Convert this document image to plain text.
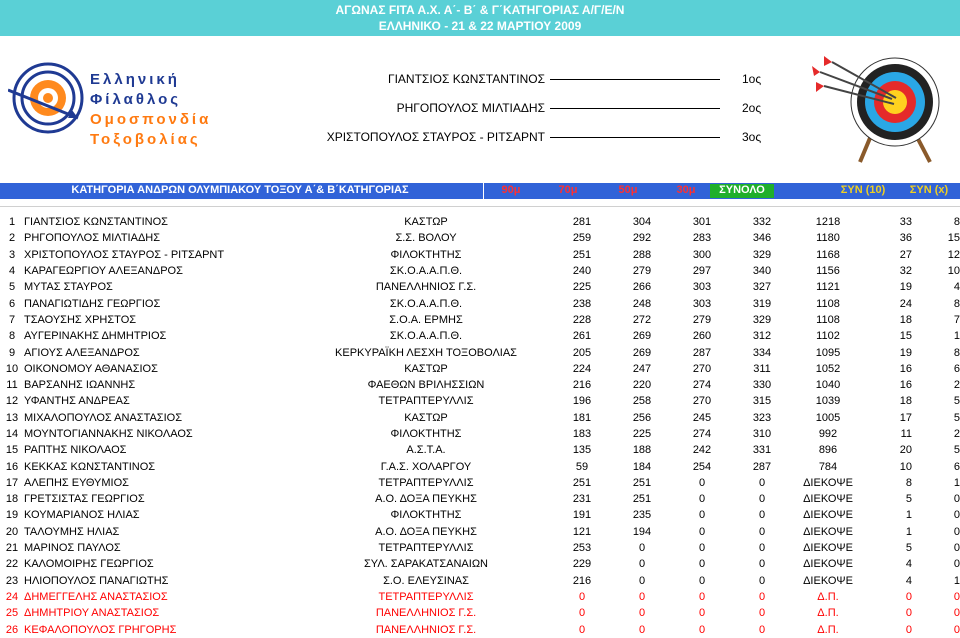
ΑΓΩΝΑΣ FITA Α.Χ. Α΄- Β΄ & Γ΄ΚΑΤΗΓΟΡΙΑΣ Α/Γ/Ε/Ν
ΕΛΛΗΝΙΚΟ - 21 & 22 ΜΑΡΤΙΟΥ 2009
Ελληνική
Φίλαθλος
Ομοσπονδία
Τοξοβολίας
ΓΙΑΝΤΣΙΟΣ ΚΩΝΣΤΑΝΤΙΝΟΣ	1ος
ΡΗΓΟΠΟΥΛΟΣ ΜΙΛΤΙΑΔΗΣ	2ος
ΧΡΙΣΤΟΠΟΥΛΟΣ ΣΤΑΥΡΟΣ - ΡΙΤΣΑΡΝΤ	3ος
ΚΑΤΗΓΟΡΙΑ ΑΝΔΡΩΝ ΟΛΥΜΠΙΑΚΟΥ ΤΟΞΟΥ Α΄& Β΄ΚΑΤΗΓΟΡΙΑΣ	90μ	70μ	50μ	30μ	ΣΥΝΟΛΟ	ΣΥΝ (10)	ΣΥΝ (x)
1	ΓΙΑΝΤΣΙΟΣ ΚΩΝΣΤΑΝΤΙΝΟΣ	ΚΑΣΤΩΡ	281	304	301	332	1218	33	8
2	ΡΗΓΟΠΟΥΛΟΣ ΜΙΛΤΙΑΔΗΣ	Σ.Σ. ΒΟΛΟΥ	259	292	283	346	1180	36	15
3	ΧΡΙΣΤΟΠΟΥΛΟΣ ΣΤΑΥΡΟΣ - ΡΙΤΣΑΡΝΤ	ΦΙΛΟΚΤΗΤΗΣ	251	288	300	329	1168	27	12
4	ΚΑΡΑΓΕΩΡΓΙΟΥ ΑΛΕΞΑΝΔΡΟΣ	ΣΚ.Ο.Α.Α.Π.Θ.	240	279	297	340	1156	32	10
5	ΜΥΤΑΣ ΣΤΑΥΡΟΣ	ΠΑΝΕΛΛΗΝΙΟΣ Γ.Σ.	225	266	303	327	1121	19	4
6	ΠΑΝΑΓΙΩΤΙΔΗΣ ΓΕΩΡΓΙΟΣ	ΣΚ.Ο.Α.Α.Π.Θ.	238	248	303	319	1108	24	8
7	ΤΣΑΟΥΣΗΣ ΧΡΗΣΤΟΣ	Σ.Ο.Α. ΕΡΜΗΣ	228	272	279	329	1108	18	7
8	ΑΥΓΕΡΙΝΑΚΗΣ ΔΗΜΗΤΡΙΟΣ	ΣΚ.Ο.Α.Α.Π.Θ.	261	269	260	312	1102	15	1
9	ΑΓΙΟΥΣ ΑΛΕΞΑΝΔΡΟΣ	ΚΕΡΚΥΡΑΪΚΗ ΛΕΣΧΗ ΤΟΞΟΒΟΛΙΑΣ	205	269	287	334	1095	19	8
10	ΟΙΚΟΝΟΜΟΥ ΑΘΑΝΑΣΙΟΣ	ΚΑΣΤΩΡ	224	247	270	311	1052	16	6
11	ΒΑΡΣΑΝΗΣ ΙΩΑΝΝΗΣ	ΦΑΕΘΩΝ ΒΡΙΛΗΣΣΙΩΝ	216	220	274	330	1040	16	2
12	ΥΦΑΝΤΗΣ ΑΝΔΡΕΑΣ	ΤΕΤΡΑΠΤΕΡΥΛΛΙΣ	196	258	270	315	1039	18	5
13	ΜΙΧΑΛΟΠΟΥΛΟΣ ΑΝΑΣΤΑΣΙΟΣ	ΚΑΣΤΩΡ	181	256	245	323	1005	17	5
14	ΜΟΥΝΤΟΓΙΑΝΝΑΚΗΣ ΝΙΚΟΛΑΟΣ	ΦΙΛΟΚΤΗΤΗΣ	183	225	274	310	992	11	2
15	ΡΑΠΤΗΣ ΝΙΚΟΛΑΟΣ	Α.Σ.Τ.Α.	135	188	242	331	896	20	5
16	ΚΕΚΚΑΣ ΚΩΝΣΤΑΝΤΙΝΟΣ	Γ.Α.Σ. ΧΟΛΑΡΓΟΥ	59	184	254	287	784	10	6
17	ΑΛΕΠΗΣ ΕΥΘΥΜΙΟΣ	ΤΕΤΡΑΠΤΕΡΥΛΛΙΣ	251	251	0	0	ΔΙΕΚΟΨΕ	8	1
18	ΓΡΕΤΣΙΣΤΑΣ ΓΕΩΡΓΙΟΣ	Α.Ο. ΔΟΞΑ ΠΕΥΚΗΣ	231	251	0	0	ΔΙΕΚΟΨΕ	5	0
19	ΚΟΥΜΑΡΙΑΝΟΣ ΗΛΙΑΣ	ΦΙΛΟΚΤΗΤΗΣ	191	235	0	0	ΔΙΕΚΟΨΕ	1	0
20	ΤΑΛΟΥΜΗΣ ΗΛΙΑΣ	Α.Ο. ΔΟΞΑ ΠΕΥΚΗΣ	121	194	0	0	ΔΙΕΚΟΨΕ	1	0
21	ΜΑΡΙΝΟΣ ΠΑΥΛΟΣ	ΤΕΤΡΑΠΤΕΡΥΛΛΙΣ	253	0	0	0	ΔΙΕΚΟΨΕ	5	0
22	ΚΑΛΟΜΟΙΡΗΣ ΓΕΩΡΓΙΟΣ	ΣΥΛ. ΣΑΡΑΚΑΤΣΑΝΑΙΩΝ	229	0	0	0	ΔΙΕΚΟΨΕ	4	0
23	ΗΛΙΟΠΟΥΛΟΣ ΠΑΝΑΓΙΩΤΗΣ	Σ.Ο. ΕΛΕΥΣΙΝΑΣ	216	0	0	0	ΔΙΕΚΟΨΕ	4	1
24	ΔΗΜΕΓΓΕΛΗΣ ΑΝΑΣΤΑΣΙΟΣ	ΤΕΤΡΑΠΤΕΡΥΛΛΙΣ	0	0	0	0	Δ.Π.	0	0
25	ΔΗΜΗΤΡΙΟΥ ΑΝΑΣΤΑΣΙΟΣ	ΠΑΝΕΛΛΗΝΙΟΣ Γ.Σ.	0	0	0	0	Δ.Π.	0	0
26	ΚΕΦΑΛΟΠΟΥΛΟΣ ΓΡΗΓΟΡΗΣ	ΠΑΝΕΛΛΗΝΙΟΣ Γ.Σ.	0	0	0	0	Δ.Π.	0	0
